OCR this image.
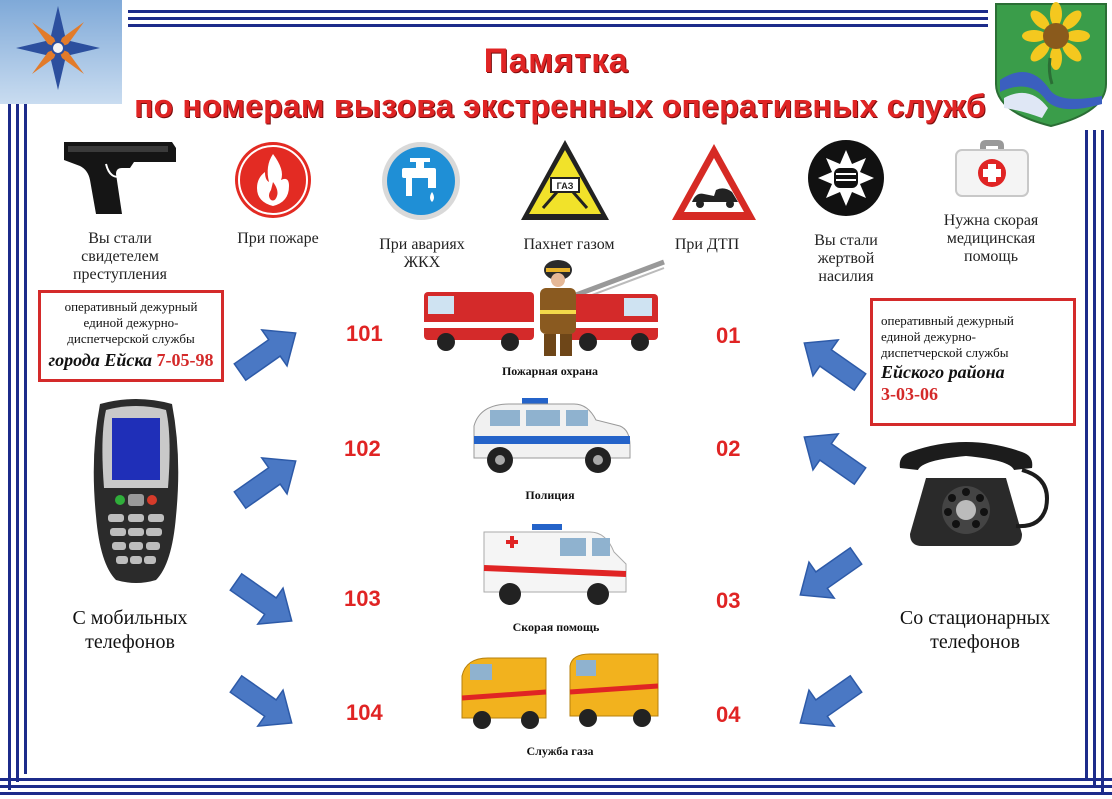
Памятка
по номерам вызова экстренных оперативных служб
ГАЗ
Вы стали свидетелем преступления
При пожаре	При авариях ЖКХ
Пахнет газом	При ДТП	Вы стали жертвой насилия
Нужна скорая медицинская помощь
оперативный дежурный
единой дежурно-
диспетчерской службы
города Ейска 7-05-98
оперативный дежурный
единой дежурно-
диспетчерской службы
Ейского района
3-03-06
С мобильных телефонов
Со стационарных телефонов
101
102
103
104
01
02
03
04
Пожарная охрана
Полиция
Скорая помощь
Служба газа
